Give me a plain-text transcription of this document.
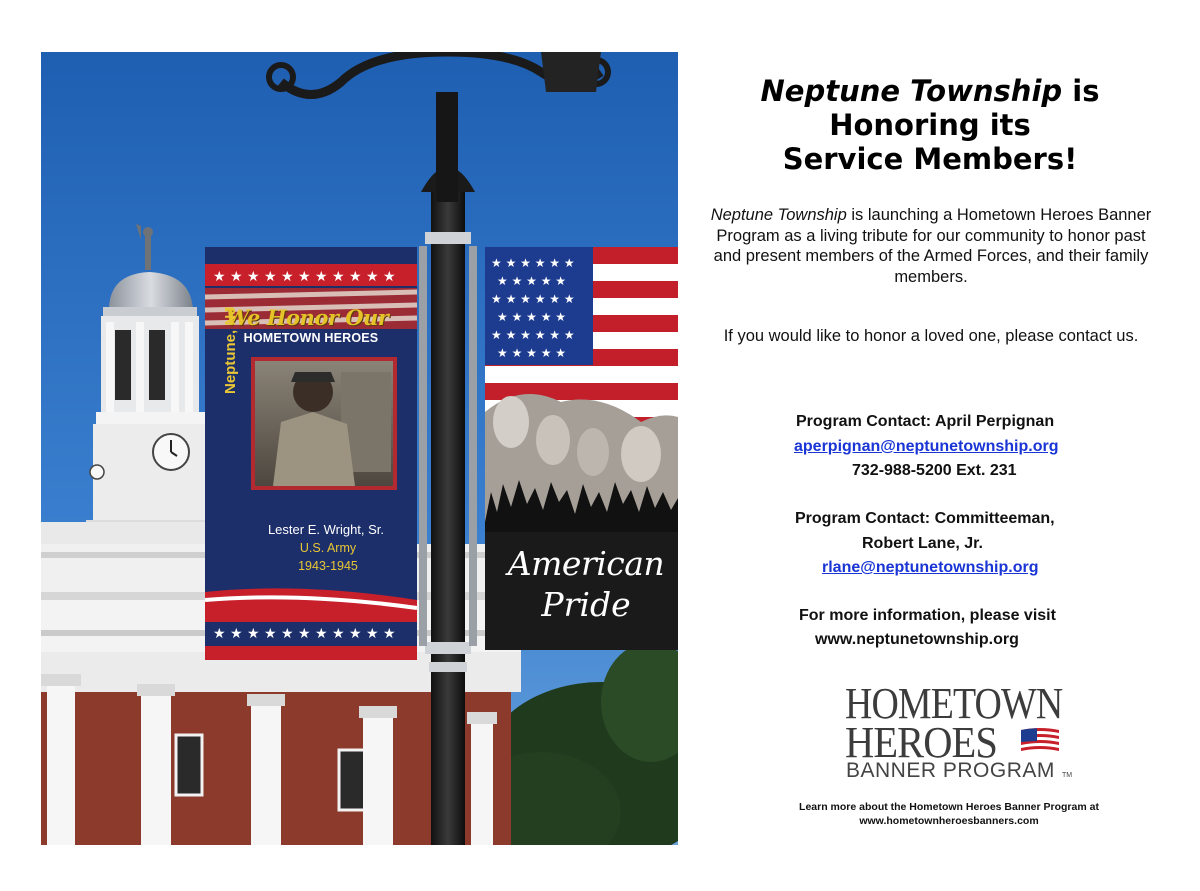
★ ★ ★ ★ ★ ★ ★ ★ ★ ★ ★
★ ★ ★ ★ ★ ★ ★ ★ ★ ★ ★
★ ★ ★ ★ ★ ★
★ ★ ★ ★ ★
★ ★ ★ ★ ★ ★
★ ★ ★ ★ ★
★ ★ ★ ★ ★ ★
★ ★ ★ ★ ★
We Honor Our
HOMETOWN HEROES
Neptune, NJ
Lester E. Wright, Sr.
U.S. Army
1943-1945	American
Pride
Neptune Township is
Honoring its
Service Members!

Neptune Township is launching a Hometown Heroes Banner Program as a living tribute for our community to honor past and present members of the Armed Forces, and their family members.

If you would like to honor a loved one, please contact us.

Program Contact: April Perpignan
aperpignan@neptunetownship.org
732-988-5200 Ext. 231
Program Contact: Committeeman,
Robert Lane, Jr.
rlane@neptunetownship.org
For more information, please visit
www.neptunetownship.org
HOMETOWN
HEROES
BANNER PROGRAM TM
Learn more about the Hometown Heroes Banner Program at
www.hometownheroesbanners.com
